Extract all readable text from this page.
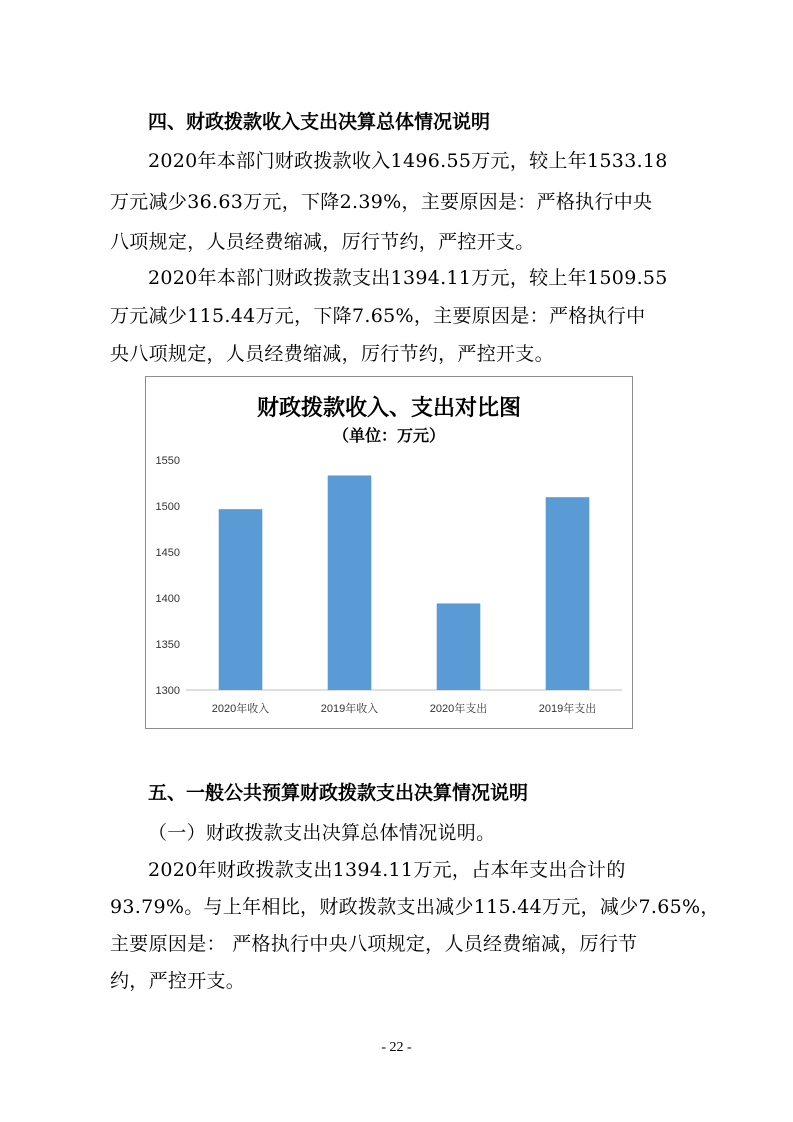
四、财政拨款收入支出决算总体情况说明
2020年本部门财政拨款收入1496.55万元，较上年1533.18
万元减少36.63万元，下降2.39%，主要原因是：严格执行中央
八项规定，人员经费缩减，厉行节约，严控开支。
2020年本部门财政拨款支出1394.11万元，较上年1509.55
万元减少115.44万元，下降7.65%，主要原因是：严格执行中
央八项规定，人员经费缩减，厉行节约，严控开支。
财政拨款收入、支出对比图
（单位：万元）
1550
1500
1450
1400
1350
1300
2020年收入	2019年收入	2020年支出	2019年支出
五、一般公共预算财政拨款支出决算情况说明
（一）财政拨款支出决算总体情况说明。
2020年财政拨款支出1394.11万元，占本年支出合计的
93.79%。与上年相比，财政拨款支出减少115.44万元，减少7.65%，
主要原因是： 严格执行中央八项规定，人员经费缩减，厉行节
约，严控开支。
- 22 -
